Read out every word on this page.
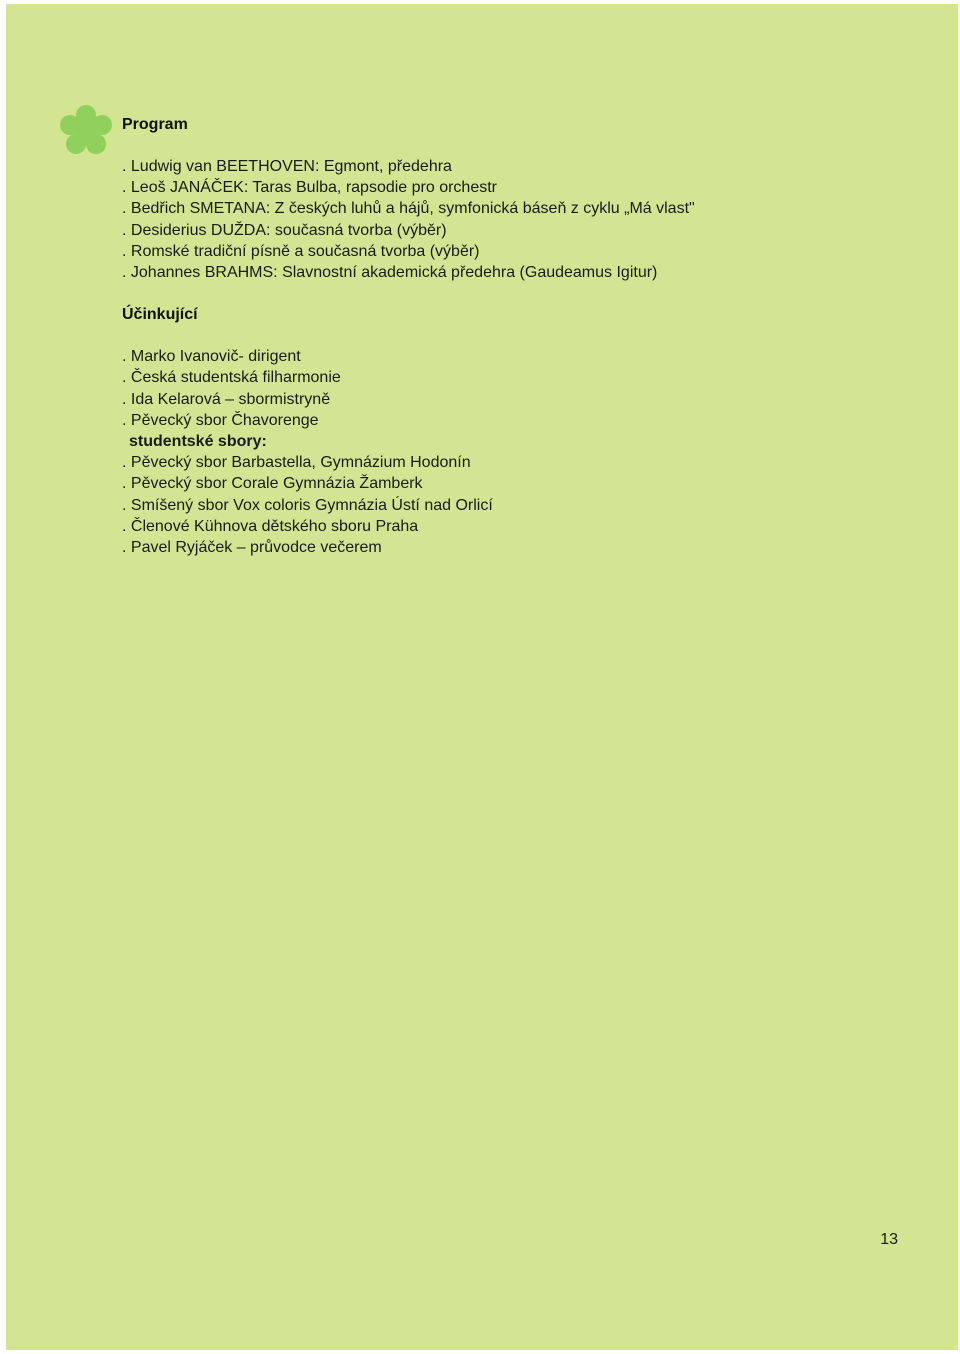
Program
. Ludwig van BEETHOVEN: Egmont, předehra
. Leoš JANÁČEK: Taras Bulba, rapsodie pro orchestr
. Bedřich SMETANA: Z českých luhů a hájů, symfonická báseň z cyklu „Má vlast"
. Desiderius DUŽDA: současná tvorba (výběr)
. Romské tradiční písně a současná tvorba (výběr)
. Johannes BRAHMS: Slavnostní akademická předehra (Gaudeamus Igitur)
Účinkující
. Marko Ivanovič- dirigent
. Česká studentská filharmonie
. Ida Kelarová – sbormistryně
. Pěvecký sbor Čhavorenge
studentské sbory:
. Pěvecký sbor Barbastella, Gymnázium Hodonín
. Pěvecký sbor Corale Gymnázia Žamberk
. Smíšený sbor Vox coloris Gymnázia Ústí nad Orlicí
. Členové Kühnova dětského sboru Praha
. Pavel Ryjáček – průvodce večerem
13
